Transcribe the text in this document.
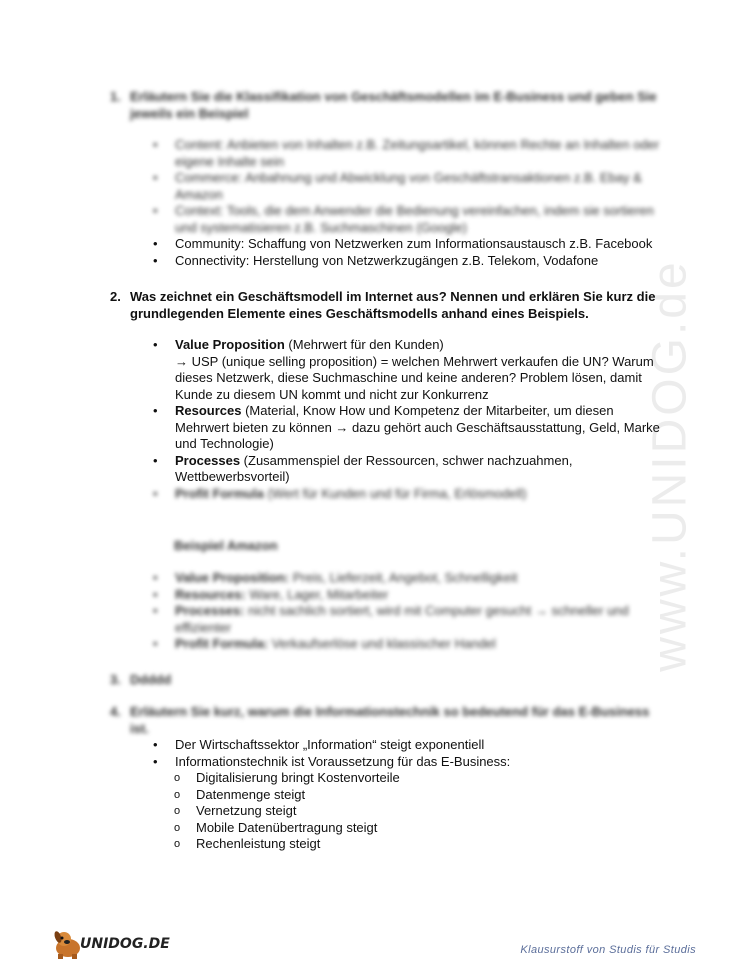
www.UNIDOG.de
1. Erläutern Sie die Klassifikation von Geschäftsmodellen im E-Business und geben Sie jeweils ein Beispiel
• Content: Anbieten von Inhalten z.B. Zeitungsartikel, können Rechte an Inhalten oder eigene Inhalte sein
• Commerce: Anbahnung und Abwicklung von Geschäftstransaktionen z.B. Ebay & Amazon
• Context: Tools, die dem Anwender die Bedienung vereinfachen, indem sie sortieren und systematisieren z.B. Suchmaschinen (Google)
• Community: Schaffung von Netzwerken zum Informationsaustausch z.B. Facebook
• Connectivity: Herstellung von Netzwerkzugängen z.B. Telekom, Vodafone
2. Was zeichnet ein Geschäftsmodell im Internet aus? Nennen und erklären Sie kurz die grundlegenden Elemente eines Geschäftsmodells anhand eines Beispiels.
• Value Proposition (Mehrwert für den Kunden)
→ USP (unique selling proposition) = welchen Mehrwert verkaufen die UN? Warum dieses Netzwerk, diese Suchmaschine und keine anderen? Problem lösen, damit Kunde zu diesem UN kommt und nicht zur Konkurrenz
• Resources (Material, Know How und Kompetenz der Mitarbeiter, um diesen Mehrwert bieten zu können → dazu gehört auch Geschäftsausstattung, Geld, Marke und Technologie)
• Processes (Zusammenspiel der Ressourcen, schwer nachzuahmen, Wettbewerbsvorteil)
• Profit Formula (Wert für Kunden und für Firma, Erlösmodell)
Beispiel Amazon
• Value Proposition: Preis, Lieferzeit, Angebot, Schnelligkeit
• Resources: Ware, Lager, Mitarbeiter
• Processes: nicht sachlich sortiert, wird mit Computer gesucht → schneller und effizienter
• Profit Formula: Verkaufserlöse und klassischer Handel
3. Ddddd
4. Erläutern Sie kurz, warum die Informationstechnik so bedeutend für das E-Business ist.
• Der Wirtschaftssektor „Information“ steigt exponentiell
• Informationstechnik ist Voraussetzung für das E-Business:
o Digitalisierung bringt Kostenvorteile
o Datenmenge steigt
o Vernetzung steigt
o Mobile Datenübertragung steigt
o Rechenleistung steigt
UNIDOG.DE	Klausurstoff von Studis für Studis
